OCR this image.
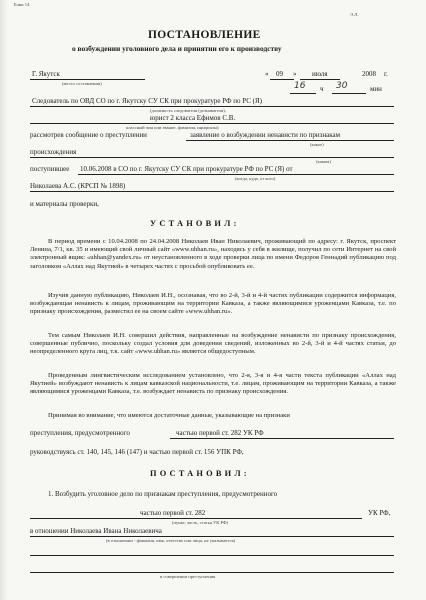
Блнк 14
Э.Л.
ПОСТАНОВЛЕНИЕ
о возбуждении уголовного дела и принятии его к производству
Г. Якутск
(место составления)
« 09 » июля	2008 г.
16 ч 30	мин
Следователь по ОВД СО по г. Якутску СУ СК при прокуратуре РФ по РС (Я)
(должность следователя (дознавателя),
юрист 2 класса Ефимов С.В.
классный чин или звание, фамилия, инициалы)
рассмотрев сообщение о преступлении	заявление о возбуждении ненависти по признакам
(какое)
происхождения
(каким)
поступившее 10.06.2008 в СО по г. Якутску СУ СК при прокуратуре РФ по РС (Я) от
(когда, куда, от кого)
Николаева А.С. (КРСП № 1898)
и материалы проверки,
УСТАНОВИЛ:
В период времени с 10.04.2008 по 24.04.2008 Николаев Иван Николаевич, проживающий по адресу: г. Якутск, проспект Ленина, 7/1, кв. 35 и имеющий свой личный сайт «www.uhhan.ru», находясь у себя в жилище, получил по сети Интернет на свой электронный ящик: «uhhan@yandex.ru» от неустановленного в ходе проверки лица по имени Федоров Геннадий публикацию под заголовком «Аллах над Якутией» в четырех частях с просьбой опубликовать ее.
Изучив данную публикацию, Николаев И.Н., осознавая, что во 2-й, 3-й и 4-й частях публикации содержится информация, возбуждающая ненависть к лицам, проживающим на территории Кавказа, а также являющимися уроженцами Кавказа, т.е. по признаку происхождения, разместил ее на своем сайте «www.uhhan.ru».
Тем самым Николаев И.Н. совершил действия, направленные на возбуждение ненависти по признаку происхождения, совершенные публично, поскольку создал условия для доведения сведений, изложенных во 2-й, 3-й и 4-й частях статьи, до неопределенного круга лиц, т.к. сайт «www.uhhan.ru» является общедоступным.
Проведенным лингвистическим исследованием установлено, что 2-я, 3-я и 4-я части текста публикации «Аллах над Якутией» возбуждают ненависть к лицам кавказской национальности, т.е. лицам, проживающим на территории Кавказа, а также являющимися уроженцами Кавказа, т.е. возбуждает ненависть по признаку происхождения.
Принимая во внимание, что имеются достаточные данные, указывающие на признаки
преступления, предусмотренного	частью первой ст. 282 УК РФ
руководствуясь ст. 140, 145, 146 (147) и частью первой ст. 156 УПК РФ,
ПОСТАНОВИЛ:
1. Возбудить уголовное дело по признакам преступления, предусмотренного
частью первой ст. 282	УК РФ,
(пункт, часть, статья УК РФ)
в отношении Николаева Ивана Николаевича
(в отношении - фамилия, имя, отчество или лица, не указывается)
в совершении преступления
